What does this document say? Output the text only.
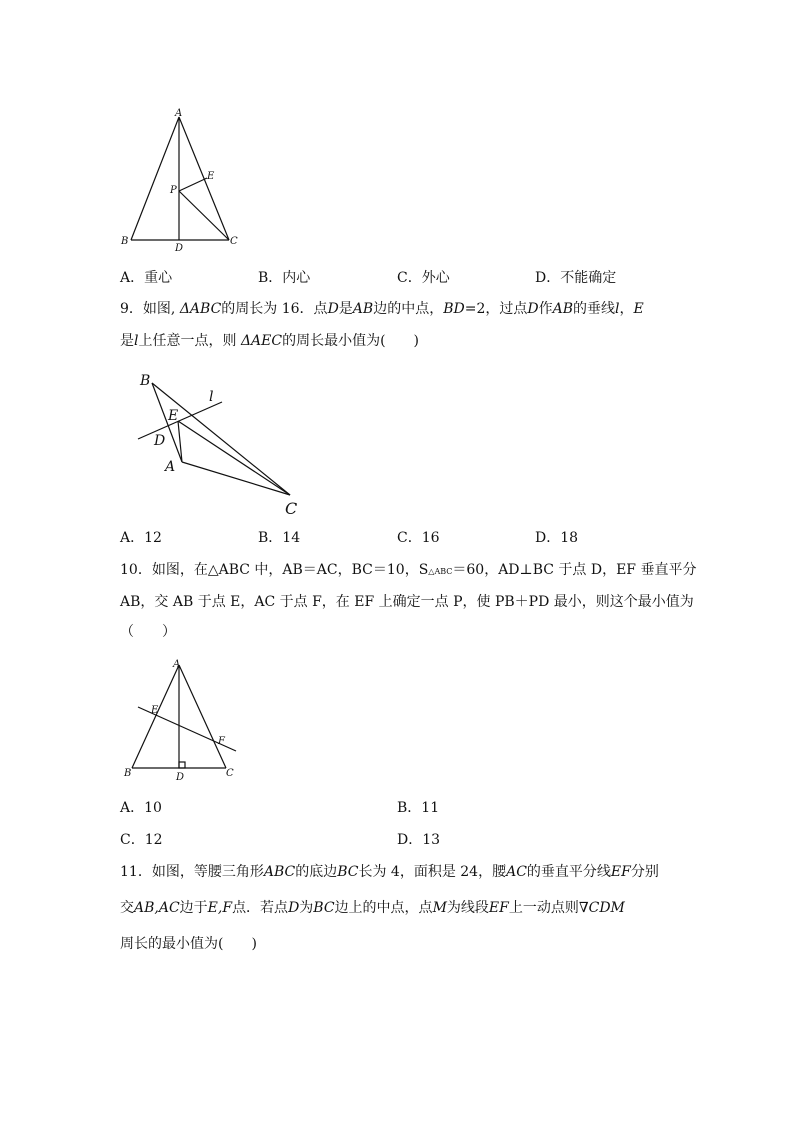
A
B	C
D
E
P
A．重心	B．内心	C．外心	D．不能确定
9．如图, ΔABC的周长为 16．点D是AB边的中点，BD=2，过点D作AB的垂线l，E
是l上任意一点，则 ΔAEC的周长最小值为(　　)
B
l
E
D
A
C
A．12	B．14	C．16	D．18
10．如图，在△ABC 中，AB＝AC，BC＝10，S△ABC＝60，AD⊥BC 于点 D，EF 垂直平分
AB，交 AB 于点 E，AC 于点 F，在 EF 上确定一点 P，使 PB＋PD 最小，则这个最小值为
（　　）
A
E
F
B	D	C
A．10	B．11
C．12	D．13
11．如图，等腰三角形ABC的底边BC长为 4，面积是 24，腰AC的垂直平分线EF分别
交AB,AC边于E,F点．若点D为BC边上的中点，点M为线段EF上一动点则∇CDM
周长的最小值为(　　)
